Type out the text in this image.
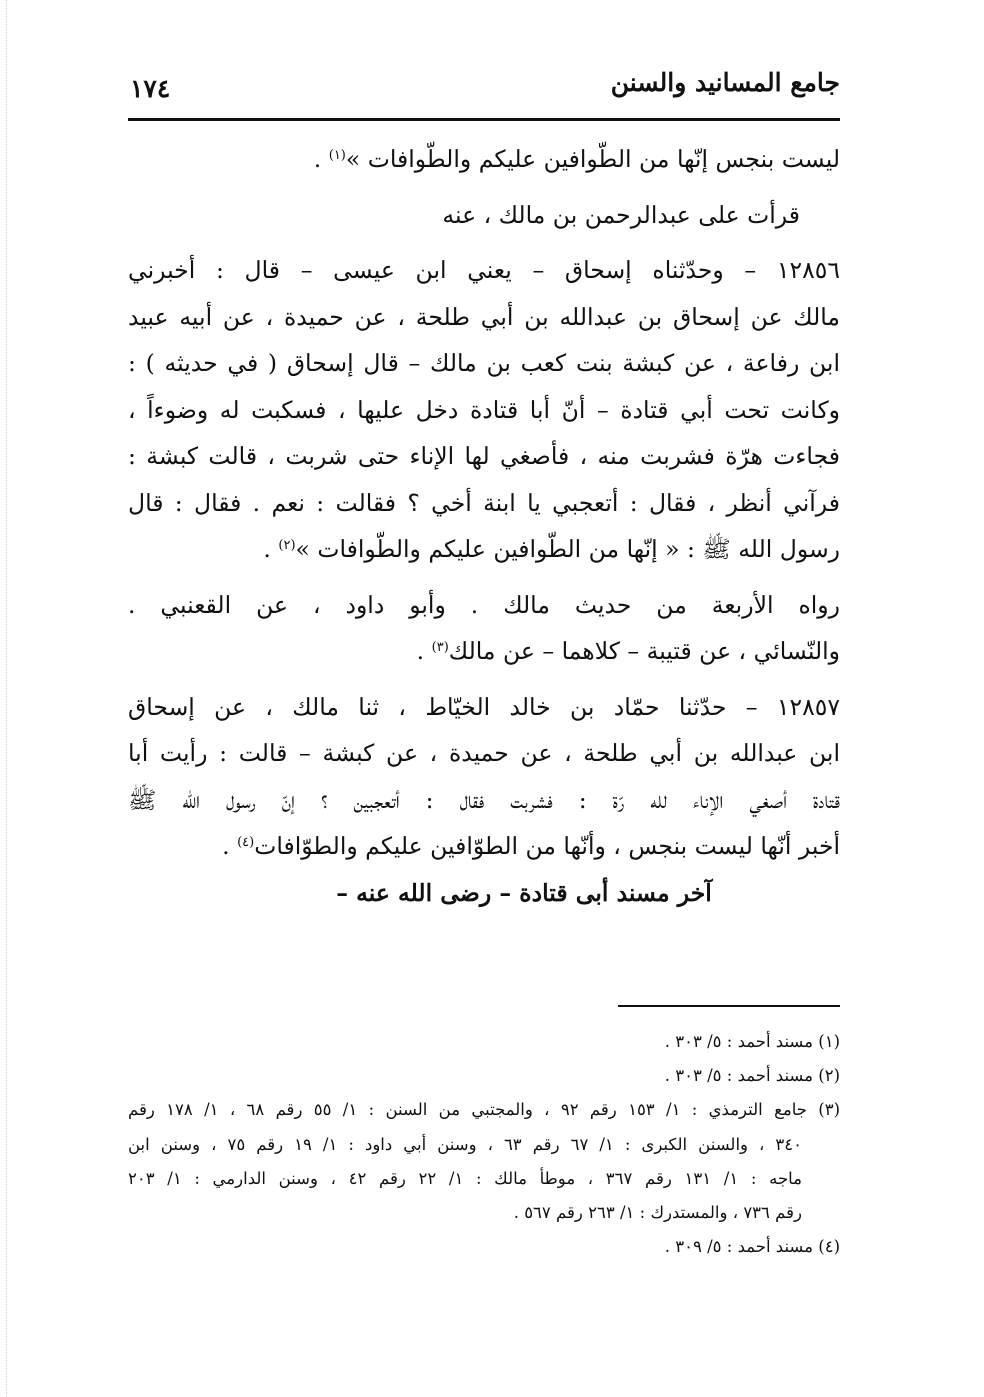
جامع المسانيد والسنن
١٧٤
ليست بنجس إنّها من الطّوافين عليكم والطّوافات »$^{(١)}$ .
قرأت على عبدالرحمن بن مالك ، عنه
١٢٨٥٦ – وحدّثناه إسحاق – يعني ابن عيسى – قال : أخبرني
مالك عن إسحاق بن عبدالله بن أبي طلحة ، عن حميدة ، عن أبيه عبيد
ابن رفاعة ، عن كبشة بنت كعب بن مالك – قال إسحاق ( في حديثه ) :
وكانت تحت أبي قتادة – أنّ أبا قتادة دخل عليها ، فسكبت له وضوءاً ،
فجاءت هرّة فشربت منه ، فأصغي لها الإناء حتى شربت ، قالت كبشة :
فرآني أنظر ، فقال : أتعجبي يا ابنة أخي ؟ فقالت : نعم . فقال : قال
رسول الله ﷺ : « إنّها من الطّوافين عليكم والطّوافات »$^{(٢)}$ .
رواه الأربعة من حديث مالك . وأبو داود ، عن القعنبي .
والنّسائي ، عن قتيبة – كلاهما – عن مالك$^{(٣)}$ .
١٢٨٥٧ – حدّثنا حمّاد بن خالد الخيّاط ، ثنا مالك ، عن إسحاق
ابن عبدالله بن أبي طلحة ، عن حميدة ، عن كبشة – قالت : رأيت أبا
قتادة أصغي الإناء لله رّة : فشربت فقال : أتعجبين ؟ إنّ رسول الله ﷺ
أخبر أنّها ليست بنجس ، وأنّها من الطوّافين عليكم والطوّافات$^{(٤)}$ .
آخر مسند أبى قتادة – رضى الله عنه –
(١) مسند أحمد : ٥/ ٣٠٣ .
(٢) مسند أحمد : ٥/ ٣٠٣ .
(٣) جامع الترمذي : ١/ ١٥٣ رقم ٩٢ ، والمجتبي من السنن : ١/ ٥٥ رقم ٦٨ ، ١/ ١٧٨ رقم
٣٤٠ ، والسنن الكبرى : ١/ ٦٧ رقم ٦٣ ، وسنن أبي داود : ١/ ١٩ رقم ٧٥ ، وسنن ابن
ماجه : ١/ ١٣١ رقم ٣٦٧ ، موطأ مالك : ١/ ٢٢ رقم ٤٢ ، وسنن الدارمي : ١/ ٢٠٣
رقم ٧٣٦ ، والمستدرك : ١/ ٢٦٣ رقم ٥٦٧ .
(٤) مسند أحمد : ٥/ ٣٠٩ .
